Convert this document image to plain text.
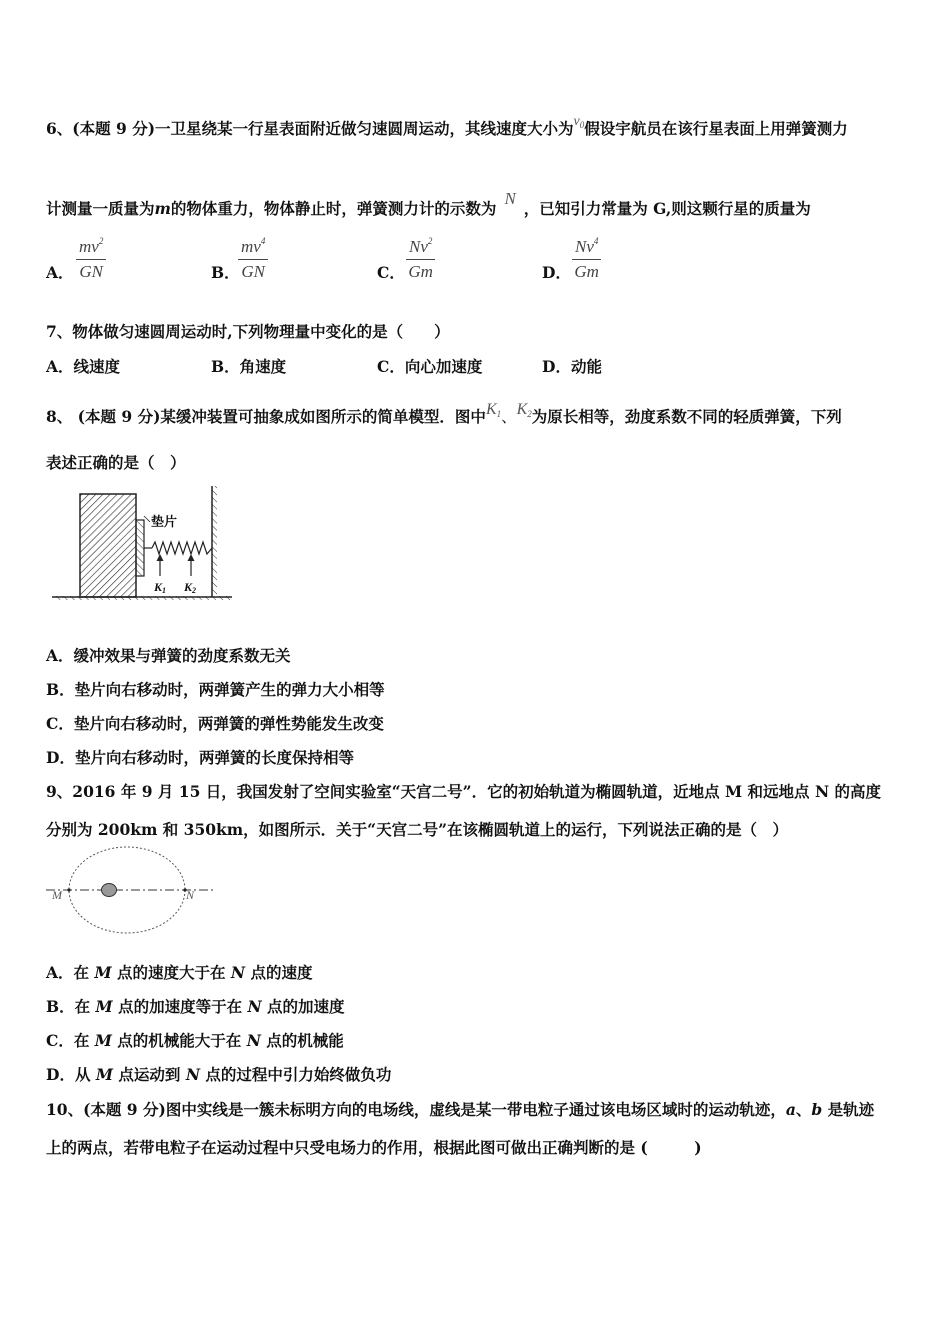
6、(本题 9 分)一卫星绕某一行星表面附近做匀速圆周运动，其线速度大小为$v_0$假设宇航员在该行星表面上用弹簧测力
计测量一质量为m的物体重力，物体静止时，弹簧测力计的示数为N，已知引力常量为 G,则这颗行星的质量为
A． $\frac{mv^2}{GN}$	B．
$\frac{mv^4}{GN}$	C． $\frac{Nv^2}{Gm}$	D． $\frac{Nv^4}{Gm}$
7、物体做匀速圆周运动时,下列物理量中变化的是（　　）
A．线速度	B．角速度	C．向心加速度	D．动能
8、 (本题 9 分)某缓冲装置可抽象成如图所示的简单模型．图中$K_1$、$K_2$为原长相等，劲度系数不同的轻质弹簧，下列
表述正确的是（　）
垫片
K1 K2
A．缓冲效果与弹簧的劲度系数无关
B．垫片向右移动时，两弹簧产生的弹力大小相等
C．垫片向右移动时，两弹簧的弹性势能发生改变
D．垫片向右移动时，两弹簧的长度保持相等
9、2016 年 9 月 15 日，我国发射了空间实验室“天宫二号”．它的初始轨道为椭圆轨道，近地点 M 和远地点 N 的高度
分别为 200km 和 350km，如图所示．关于“天宫二号”在该椭圆轨道上的运行，下列说法正确的是（　）
M	N
A．在 M 点的速度大于在 N 点的速度
B．在 M 点的加速度等于在 N 点的加速度
C．在 M 点的机械能大于在 N 点的机械能
D．从 M 点运动到 N 点的过程中引力始终做负功
10、(本题 9 分)图中实线是一簇未标明方向的电场线，虚线是某一带电粒子通过该电场区域时的运动轨迹，a、b 是轨迹
上的两点，若带电粒子在运动过程中只受电场力的作用，根据此图可做出正确判断的是 (　　　)
